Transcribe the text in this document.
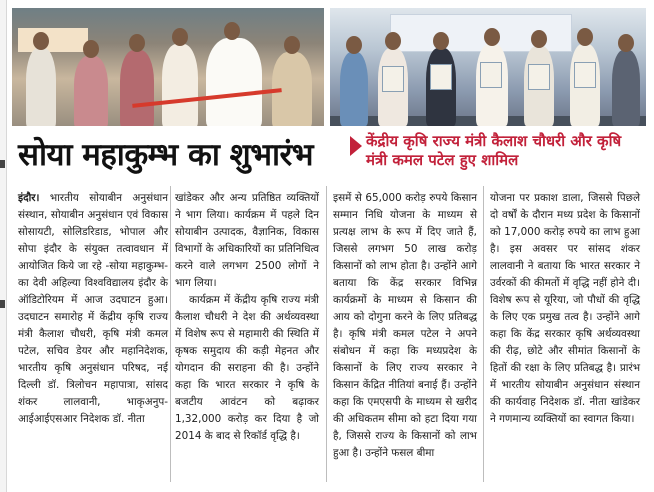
सोया महाकुम्भ का शुभारंभ	केंद्रीय कृषि राज्य मंत्री कैलाश चौधरी और कृषि मंत्री कमल पटेल हुए शामिल

इंदौर। भारतीय सोयाबीन अनुसंधान संस्थान, सोयाबीन अनुसंधान एवं विकास सोसायटी, सोलिडरिडाड, भोपाल और सोपा इंदौर के संयुक्त तत्वावधान में आयोजित किये जा रहे -सोया महाकुम्भ-का देवी अहिल्या विश्वविद्यालय इंदौर के ऑडिटोरियम में आज उदघाटन हुआ। उदघाटन समारोह में केंद्रीय कृषि राज्य मंत्री कैलाश चौधरी, कृषि मंत्री कमल पटेल, सचिव डेयर और महानिदेशक, भारतीय कृषि अनुसंधान परिषद, नई दिल्ली डॉ. त्रिलोचन महापात्रा, सांसद शंकर लालवानी, भाकृअनुप-आईआईएसआर निदेशक डॉ. नीता

खांडेकर और अन्य प्रतिष्ठित व्यक्तियों ने भाग लिया। कार्यक्रम में पहले दिन सोयाबीन उत्पादक, वैज्ञानिक, विकास विभागों के अधिकारियों का प्रतिनिधित्व करने वाले लगभग 2500 लोगों ने भाग लिया।

कार्यक्रम में केंद्रीय कृषि राज्य मंत्री कैलाश चौधरी ने देश की अर्थव्यवस्था में विशेष रूप से महामारी की स्थिति में कृषक समुदाय की कड़ी मेहनत और योगदान की सराहना की है। उन्होंने कहा कि भारत सरकार ने कृषि के बजटीय आवंटन को बढ़ाकर 1,32,000 करोड़ कर दिया है जो 2014 के बाद से रिकॉर्ड वृद्धि है।

इसमें से 65,000 करोड़ रुपये किसान सम्मान निधि योजना के माध्यम से प्रत्यक्ष लाभ के रूप में दिए जाते हैं, जिससे लगभग 50 लाख करोड़ किसानों को लाभ होता है। उन्होंने आगे बताया कि केंद्र सरकार विभिन्न कार्यक्रमों के माध्यम से किसान की आय को दोगुना करने के लिए प्रतिबद्ध है। कृषि मंत्री कमल पटेल ने अपने संबोधन में कहा कि मध्यप्रदेश के किसानों के लिए राज्य सरकार ने किसान केंद्रित नीतियां बनाई हैं। उन्होंने कहा कि एमएसपी के माध्यम से खरीद की अधिकतम सीमा को हटा दिया गया है, जिससे राज्य के किसानों को लाभ हुआ है। उन्होंने फसल बीमा

योजना पर प्रकाश डाला, जिससे पिछले दो वर्षों के दौरान मध्य प्रदेश के किसानों को 17,000 करोड़ रुपये का लाभ हुआ है। इस अवसर पर सांसद शंकर लालवानी ने बताया कि भारत सरकार ने उर्वरकों की कीमतों में वृद्धि नहीं होने दी। विशेष रूप से यूरिया, जो पौधों की वृद्धि के लिए एक प्रमुख तत्व है। उन्होंने आगे कहा कि केंद्र सरकार कृषि अर्थव्यवस्था की रीढ़, छोटे और सीमांत किसानों के हितों की रक्षा के लिए प्रतिबद्ध है। प्रारंभ में भारतीय सोयाबीन अनुसंधान संस्थान की कार्यवाह निदेशक डॉ. नीता खांडेकर ने गणमान्य व्यक्तियों का स्वागत किया।
